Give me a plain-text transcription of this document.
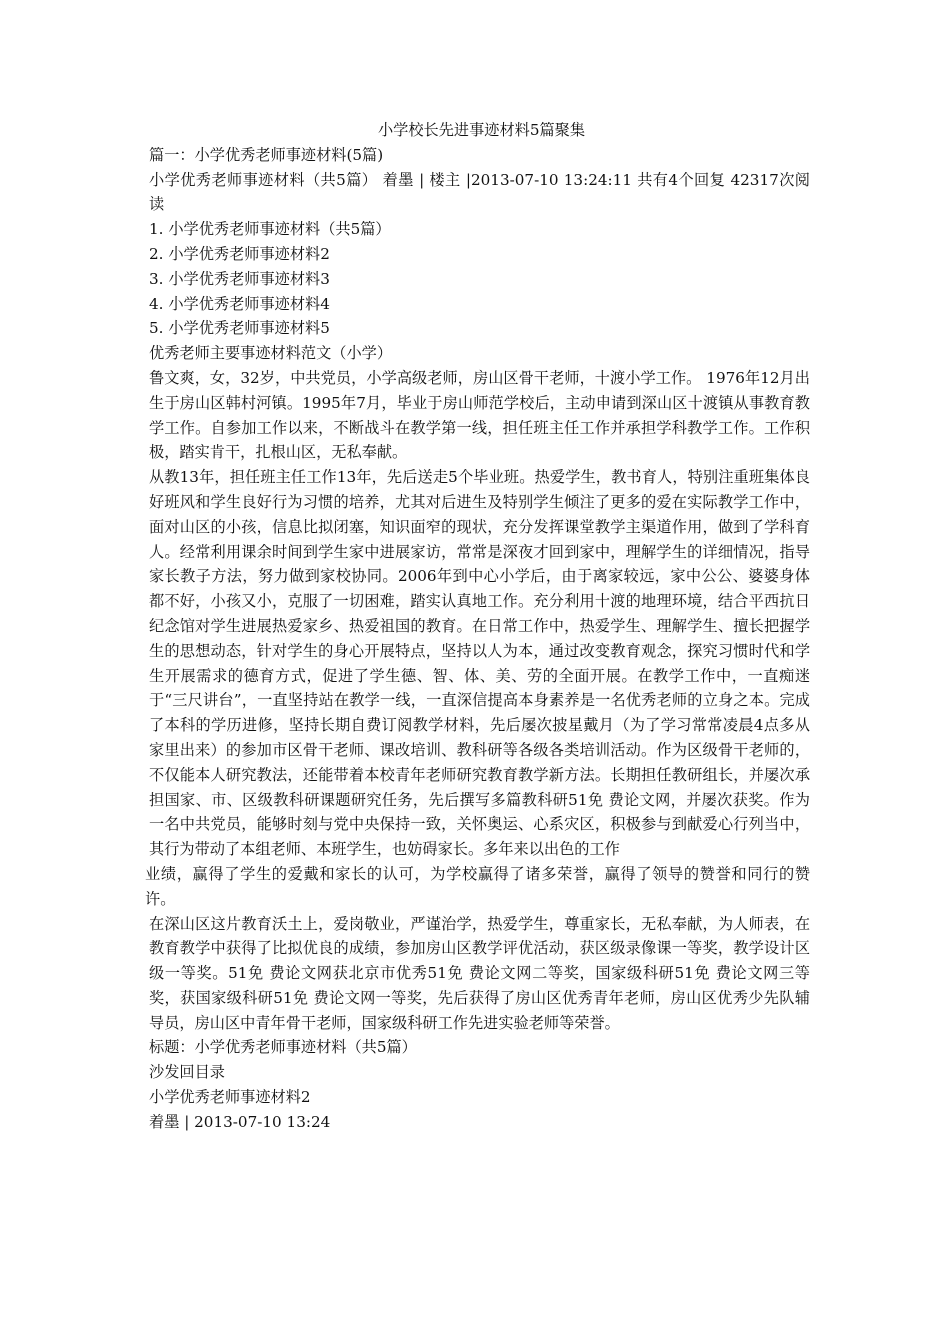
小学校长先进事迹材料5篇聚集

篇一：小学优秀老师事迹材料(5篇)

小学优秀老师事迹材料（共5篇） 着墨 | 楼主 |2013-07-10 13:24:11 共有4个回复 42317次阅读

1. 小学优秀老师事迹材料（共5篇）

2. 小学优秀老师事迹材料2

3. 小学优秀老师事迹材料3

4. 小学优秀老师事迹材料4

5. 小学优秀老师事迹材料5

优秀老师主要事迹材料范文（小学）

鲁文爽，女，32岁，中共党员，小学高级老师，房山区骨干老师，十渡小学工作。 1976年12月出生于房山区韩村河镇。1995年7月，毕业于房山师范学校后，主动申请到深山区十渡镇从事教育教学工作。自参加工作以来，不断战斗在教学第一线，担任班主任工作并承担学科教学工作。工作积极，踏实肯干，扎根山区，无私奉献。

从教13年，担任班主任工作13年，先后送走5个毕业班。热爱学生，教书育人，特别注重班集体良好班风和学生良好行为习惯的培养，尤其对后进生及特别学生倾注了更多的爱在实际教学工作中，面对山区的小孩，信息比拟闭塞，知识面窄的现状，充分发挥课堂教学主渠道作用，做到了学科育人。经常利用课余时间到学生家中进展家访，常常是深夜才回到家中，理解学生的详细情况，指导家长教子方法，努力做到家校协同。2006年到中心小学后，由于离家较远，家中公公、婆婆身体都不好，小孩又小，克服了一切困难，踏实认真地工作。充分利用十渡的地理环境，结合平西抗日纪念馆对学生进展热爱家乡、热爱祖国的教育。在日常工作中，热爱学生、理解学生、擅长把握学生的思想动态，针对学生的身心开展特点，坚持以人为本，通过改变教育观念，探究习惯时代和学生开展需求的德育方式，促进了学生德、智、体、美、劳的全面开展。在教学工作中，一直痴迷于“三尺讲台”，一直坚持站在教学一线，一直深信提高本身素养是一名优秀老师的立身之本。完成了本科的学历进修，坚持长期自费订阅教学材料，先后屡次披星戴月（为了学习常常凌晨4点多从家里出来）的参加市区骨干老师、课改培训、教科研等各级各类培训活动。作为区级骨干老师的，不仅能本人研究教法，还能带着本校青年老师研究教育教学新方法。长期担任教研组长，并屡次承担国家、市、区级教科研课题研究任务，先后撰写多篇教科研51免 费论文网，并屡次获奖。作为一名中共党员，能够时刻与党中央保持一致，关怀奥运、心系灾区，积极参与到献爱心行列当中，其行为带动了本组老师、本班学生，也妨碍家长。多年来以出色的工作

业绩，赢得了学生的爱戴和家长的认可，为学校赢得了诸多荣誉，赢得了领导的赞誉和同行的赞许。

在深山区这片教育沃土上，爱岗敬业，严谨治学，热爱学生，尊重家长，无私奉献，为人师表，在教育教学中获得了比拟优良的成绩，参加房山区教学评优活动，获区级录像课一等奖，教学设计区级一等奖。51免 费论文网获北京市优秀51免 费论文网二等奖，国家级科研51免 费论文网三等奖，获国家级科研51免 费论文网一等奖，先后获得了房山区优秀青年老师，房山区优秀少先队辅导员，房山区中青年骨干老师，国家级科研工作先进实验老师等荣誉。

标题：小学优秀老师事迹材料（共5篇）

沙发回目录

小学优秀老师事迹材料2

着墨 | 2013-07-10 13:24
